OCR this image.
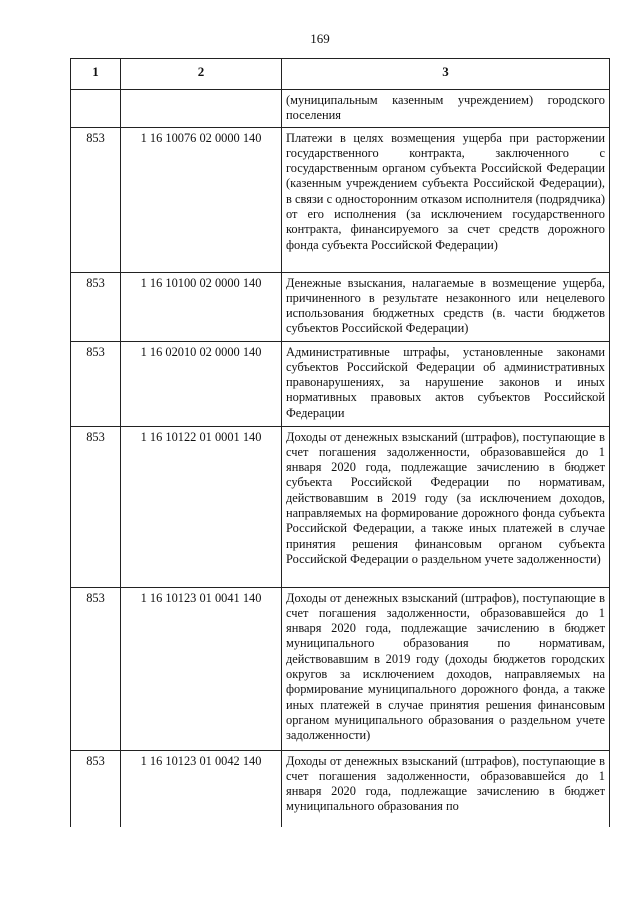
169
1	2	3
		(муниципальным казенным учреждением) городского поселения
853	1 16 10076 02 0000 140	Платежи в целях возмещения ущерба при расторжении государственного контракта, заключенного с государственным органом субъекта Российской Федерации (казенным учреждением субъекта Российской Федерации), в связи с односторонним отказом исполнителя (подрядчика) от его исполнения (за исключением государственного контракта, финансируемого за счет средств дорожного фонда субъекта Российской Федерации)
853	1 16 10100 02 0000 140	Денежные взыскания, налагаемые в возмещение ущерба, причиненного в результате незаконного или нецелевого использования бюджетных средств (в. части бюджетов субъектов Российской Федерации)
853	1 16 02010 02 0000 140	Административные штрафы, установленные законами субъектов Российской Федерации об административных правонарушениях, за нарушение законов и иных нормативных правовых актов субъектов Российской Федерации
853	1 16 10122 01 0001 140	Доходы от денежных взысканий (штрафов), поступающие в счет погашения задолженности, образовавшейся до 1 января 2020 года, подлежащие зачислению в бюджет субъекта Российской Федерации по нормативам, действовавшим в 2019 году (за исключением доходов, направляемых на формирование дорожного фонда субъекта Российской Федерации, а также иных платежей в случае принятия решения финансовым органом субъекта Российской Федерации о раздельном учете задолженности)
853	1 16 10123 01 0041 140	Доходы от денежных взысканий (штрафов), поступающие в счет погашения задолженности, образовавшейся до 1 января 2020 года, подлежащие зачислению в бюджет муниципального образования по нормативам, действовавшим в 2019 году (доходы бюджетов городских округов за исключением доходов, направляемых на формирование муниципального дорожного фонда, а также иных платежей в случае принятия решения финансовым органом муниципального образования о раздельном учете задолженности)
853	1 16 10123 01 0042 140	Доходы от денежных взысканий (штрафов), поступающие в счет погашения задолженности, образовавшейся до 1 января 2020 года, подлежащие зачислению в бюджет муниципального образования по
